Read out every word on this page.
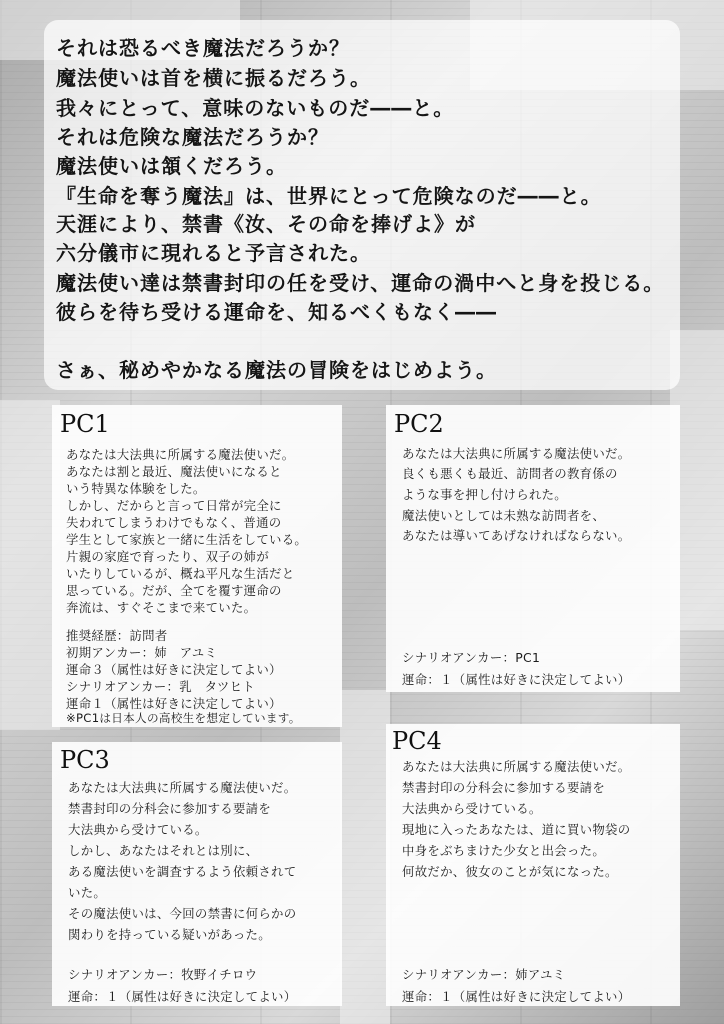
それは恐るべき魔法だろうか？
魔法使いは首を横に振るだろう。
我々にとって、意味のないものだ――と。
それは危険な魔法だろうか？
魔法使いは頷くだろう。
『生命を奪う魔法』は、世界にとって危険なのだ――と。
天涯により、禁書《汝、その命を捧げよ》が
六分儀市に現れると予言された。
魔法使い達は禁書封印の任を受け、運命の渦中へと身を投じる。
彼らを待ち受ける運命を、知るべくもなく――
さぁ、秘めやかなる魔法の冒険をはじめよう。
PC1
あなたは大法典に所属する魔法使いだ。
あなたは割と最近、魔法使いになると
いう特異な体験をした。
しかし、だからと言って日常が完全に
失われてしまうわけでもなく、普通の
学生として家族と一緒に生活をしている。
片親の家庭で育ったり、双子の姉が
いたりしているが、概ね平凡な生活だと
思っている。だが、全てを覆す運命の
奔流は、すぐそこまで来ていた。
推奨経歴：訪問者
初期アンカー：姉　アユミ
運命３（属性は好きに決定してよい）
シナリオアンカー：乳　タツヒト
運命１（属性は好きに決定してよい）
※PC1は日本人の高校生を想定しています。
PC2
あなたは大法典に所属する魔法使いだ。
良くも悪くも最近、訪問者の教育係の
ような事を押し付けられた。
魔法使いとしては未熟な訪問者を、
あなたは導いてあげなければならない。
シナリオアンカー：PC1
運命：１（属性は好きに決定してよい）
PC3
あなたは大法典に所属する魔法使いだ。
禁書封印の分科会に参加する要請を
大法典から受けている。
しかし、あなたはそれとは別に、
ある魔法使いを調査するよう依頼されて
いた。
その魔法使いは、今回の禁書に何らかの
関わりを持っている疑いがあった。
シナリオアンカー：牧野イチロウ
運命：１（属性は好きに決定してよい）
PC4
あなたは大法典に所属する魔法使いだ。
禁書封印の分科会に参加する要請を
大法典から受けている。
現地に入ったあなたは、道に買い物袋の
中身をぶちまけた少女と出会った。
何故だか、彼女のことが気になった。
シナリオアンカー：姉アユミ
運命：１（属性は好きに決定してよい）
